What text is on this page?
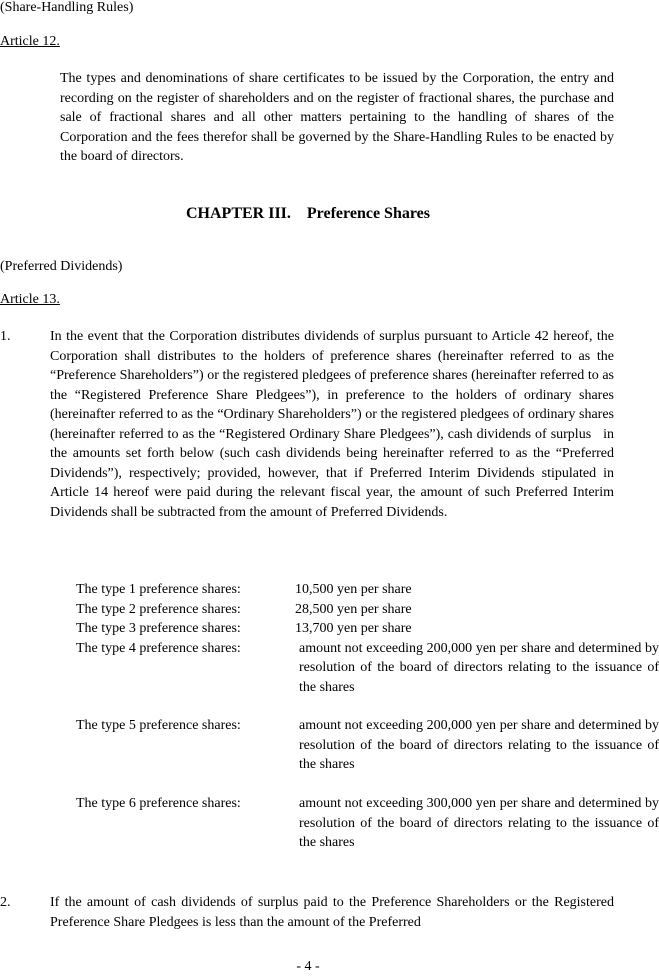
(Share-Handling Rules)
Article 12.
The types and denominations of share certificates to be issued by the Corporation, the entry and recording on the register of shareholders and on the register of fractional shares, the purchase and sale of fractional shares and all other matters pertaining to the handling of shares of the Corporation and the fees therefor shall be governed by the Share-Handling Rules to be enacted by the board of directors.
CHAPTER III. Preference Shares
(Preferred Dividends)
Article 13.
1.	In the event that the Corporation distributes dividends of surplus pursuant to Article 42 hereof, the Corporation shall distributes to the holders of preference shares (hereinafter referred to as the “Preference Shareholders”) or the registered pledgees of preference shares (hereinafter referred to as the “Registered Preference Share Pledgees”), in preference to the holders of ordinary shares (hereinafter referred to as the “Ordinary Shareholders”) or the registered pledgees of ordinary shares (hereinafter referred to as the “Registered Ordinary Share Pledgees”), cash dividends of surplus   in the amounts set forth below (such cash dividends being hereinafter referred to as the “Preferred Dividends”), respectively; provided, however, that if Preferred Interim Dividends stipulated in Article 14 hereof were paid during the relevant fiscal year, the amount of such Preferred Interim Dividends shall be subtracted from the amount of Preferred Dividends.
The type 1 preference shares:	10,500 yen per share
The type 2 preference shares:	28,500 yen per share
The type 3 preference shares:	13,700 yen per share
The type 4 preference shares:	amount not exceeding 200,000 yen per share and determined by resolution of the board of directors relating to the issuance of the shares
The type 5 preference shares:	amount not exceeding 200,000 yen per share and determined by resolution of the board of directors relating to the issuance of the shares
The type 6 preference shares:	amount not exceeding 300,000 yen per share and determined by resolution of the board of directors relating to the issuance of the shares
2.	If the amount of cash dividends of surplus paid to the Preference Shareholders or the Registered Preference Share Pledgees is less than the amount of the Preferred
- 4 -
